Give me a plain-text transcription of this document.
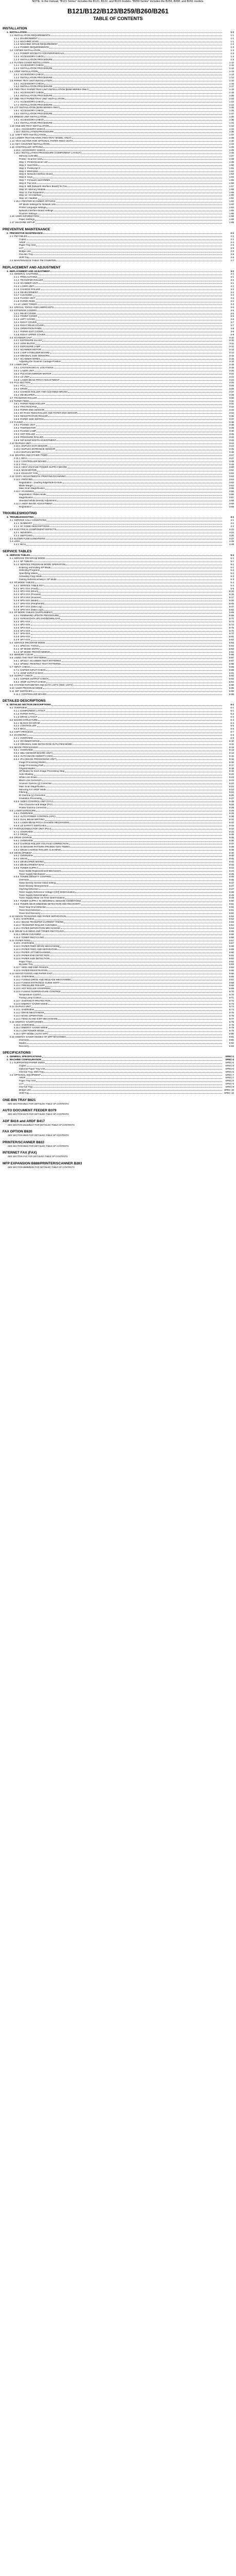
NOTE: In the manual, "B121 Series" includes the B121, B122, and B123 models. "B259 Series" includes the B259, B260, and B261 models.
B121/B122/B123/B259/B260/B261
TABLE OF CONTENTS
INSTALLATION
1. INSTALLATION	1-1
1.1 INSTALLATION REQUIREMENTS	1-1
1.1.1 ENVIRONMENT	1-1
1.1.2 MACHINE LEVEL	1-1
1.1.3 MACHINE SPACE REQUIREMENT	1-2
1.1.4 POWER REQUIREMENTS	1-3
1.2 COPIER INSTALLATION	1-4
1.2.1 POWER SOCKETS FOR PERIPHERALS	1-4
1.2.2 ACCESSORY CHECK	1-4
1.2.3 INSTALLATION PROCEDURE	1-5
1.3 PLATEN COVER INSTALLATION	1-12
1.3.1 ACCESSORY CHECK	1-12
1.3.2 INSTALLATION PROCEDURE	1-12
1.4 ARDF INSTALLATION	1-13
1.4.1 ACCESSORY CHECK	1-13
1.4.2 INSTALLATION PROCEDURE	1-14
1.5 PAPER TRAY UNIT INSTALLATION	1-16
1.5.1 ACCESSORY CHECK	1-16
1.5.2 INSTALLATION PROCEDURE	1-17
1.6 TWO-TRAY PAPER TRAY UNIT INSTALLATION (B259 SERIES ONLY)	1-19
1.6.1 ACCESSORY CHECK	1-19
1.6.2 INSTALLATION PROCEDURE	1-20
1.7 ONE-TRAY PAPER TRAY UNIT INSTALLATION	1-23
1.7.1 ACCESSORY CHECK	1-23
1.7.2 INSTALLATION PROCEDURE	1-24
1.8 LCT INSTALLATION (B259 SERIES ONLY)	1-26
1.8.1 ACCESSORY CHECK	1-26
1.8.2 INSTALLATION PROCEDURE	1-27
1.9 BRIDGE UNIT INSTALLATION	1-30
1.9.1 ACCESSORY CHECK	1-30
1.9.2 INSTALLATION PROCEDURE	1-31
1.10 ONE-BIN TRAY INSTALLATION	1-34
1.10.1 ACCESSORY CHECK	1-34
1.10.2 INSTALLATION PROCEDURE	1-35
1.11 SHIFT TRAY INSTALLATION	1-37
1.12 LOWER TRAY HEATER (TWO-TRAY MODEL ONLY)	1-38
1.13 TRAY HEATER FOR OPTIONAL PAPER FEED UNITS	1-40
1.14 KEY COUNTER INSTALLATION	1-43
1.15 CONTROLLER OPTIONS	1-45
1.15.1 ACCESSORY CHECK	1-45
1.15.2 INSTALLATION PROCEDURE (COMPONENT LAYOUT)	1-46
Memory (128 MB)	1-47
Printer / Scanner Unit	1-48
Step 1: Printer/scanner unit	1-49
Step 2: Hard Disk	1-50
Step 3: PostScript 3	1-51
Step 4: IEEE1284	1-52
Step 5: Network Interface Board	1-53
Step 6: Keys	1-54
Step 7: Firmware and DIMMS	1-55
Step 8: Fax Unit	1-56
Step 9: NIB (Network Interface Board) for Fax	1-57
Step 10: Memory Module	1-58
Step 11: Fax Expansion	1-59
Step 12: G3 Interface	1-60
Step 13: Handset	1-61
1.15.3 PRINTER SCANNER OPTIONS	1-62
HP Mode Settings for Network Use	1-63
Printer Language settings	1-64
Network Interface Board settings	1-65
Scanner Settings	1-66
1.16 USER INFORMATION	1-68
Paper Settings	1-68
1.17 MACHINE SETUP	1-69
PREVENTIVE MAINTENANCE
2. PREVENTIVE MAINTENANCE	2-1
2.1 PM TABLES	2-1
Copier	2-1
ARDF	2-4
Paper Tray Unit	2-5
LCT	2-5
Bridge Unit	2-5
One-Bin Tray	2-6
Shift Tray	2-6
2.2 MAINTENANCE TABLE PM COUNTER	2-7
REPLACEMENT AND ADJUSTMENT
3. REPLACEMENT AND ADJUSTMENT	3-1
3.1 GENERAL CAUTIONS	3-1
3.1.1 PRECAUTIONS	3-1
3.1.2 TRANSFER ROLLER	3-1
3.1.3 SCANNER UNIT	3-1
3.1.4 LASER UNIT	3-1
3.1.5 CHARGE ROLLER	3-2
3.1.6 DEVELOPMENT	3-2
3.1.7 CLEANING	3-2
3.1.8 FUSING UNIT	3-2
3.1.9 PAPER FEED	3-2
3.1.10 USED TONER	3-3
3.2 SPECIAL TOOLS AND LUBRICANTS	3-4
3.3 EXTERIOR COVERS	3-5
3.3.1 REAR COVER	3-5
3.3.2 FRONT COVER	3-5
3.3.3 LEFT COVER	3-6
3.3.4 RIGHT COVER	3-7
3.3.5 RIGHT REAR COVER	3-7
3.3.6 OPERATION PANEL	3-8
3.3.7 PAPER EXIT COVER	3-8
3.3.8 RIGHT UPPER COVER	3-9
3.4 SCANNER UNIT	3-10
3.4.1 EXPOSURE GLASS	3-10
3.4.2 LENS BLOCK	3-11
3.4.3 EXPOSURE LAMP	3-12
3.4.4 SCANNER MOTOR	3-13
3.4.5 LAMP STABILIZER BOARD	3-14
3.4.6 ORIGINAL SIZE SENSORS	3-15
3.4.7 SCANNER WIRES	3-16
Adjusting the Scanner Carriage Position	3-18
3.5 LASER UNIT	3-19
3.5.1 CAUTION DECAL LOCATIONS	3-19
3.5.2 LASER UNIT	3-20
3.5.3 POLYGON MIRROR MOTOR	3-21
3.5.4 LD UNIT	3-22
3.5.5 LASER BEAM PITCH ADJUSTMENT	3-23
3.6 PCU SECTION	3-25
3.6.1 PCU	3-25
3.6.2 DRUM	3-26
3.6.3 CHARGE ROLLER AND CLEANING BRUSH	3-27
3.6.4 DEVELOPER	3-28
3.7 TRANSFER ROLLER	3-30
3.8 PAPER FEED	3-31
3.8.1 PAPER FEED ROLLER	3-31
3.8.2 FRICTION PAD	3-32
3.8.3 PAPER END SENSOR	3-33
3.8.4 BY-PASS FEED ROLLER AND PAPER END SENSOR	3-34
3.8.5 REGISTRATION ROLLER	3-36
3.8.6 PAPER SIZE SWITCH	3-37
3.9 FUSING	3-38
3.9.1 FUSING UNIT	3-38
3.9.2 THERMISTOR	3-39
3.9.3 FUSING LAMP	3-40
3.9.4 HOT ROLLER	3-41
3.9.5 PRESSURE ROLLER	3-42
3.9.6 NIP BAND WIDTH ADJUSTMENT	3-43
3.10 DUPLEX UNIT	3-44
3.10.1 DUPLEX EXIT SENSOR	3-44
3.10.2 DUPLEX ENTRANCE SENSOR	3-45
3.10.3 DUPLEX MOTOR	3-46
3.11 BOARDS AND OTHER ITEMS	3-47
3.11.1 BICU	3-47
3.11.2 CONTROLLER BOARD	3-48
3.11.3 PSU	3-49
3.11.4 HIGH VOLTAGE POWER SUPPLY BOARD	3-50
3.11.5 MAIN MOTOR	3-51
3.11.6 EXHAUST FAN	3-52
3.12 COPY ADJUSTMENTS: PRINTING/SCANNING	3-53
3.12.1 PRINTING	3-53
Registration - Leading Edge/Side-to-Side	3-53
Blank Margin	3-54
Main Scan Magnification	3-55
3.12.2 SCANNING	3-56
Registration: Platen Mode	3-56
Magnification	3-57
Standard White Density Adjustment	3-58
3.12.3 ARDF IMAGE ADJUSTMENT	3-59
Registration	3-59
TROUBLESHOOTING
4. TROUBLESHOOTING	4-1
4.1 SERVICE CALL CONDITIONS	4-1
4.1.1 SUMMARY	4-1
4.1.2 SC CODE DESCRIPTIONS	4-2
4.2 ELECTRICAL COMPONENT DEFECTS	4-24
4.2.1 SENSORS	4-24
4.2.2 SWITCHES	4-26
4.3 BLOWN FUSE CONDITIONS	4-27
4.4 LEDs	4-28
4.4.1 BICU	4-28
SERVICE TABLES
5. SERVICE TABLES	5-1
5.1 SERVICE PROGRAM MODE	5-1
5.1.1 SP TABLES	5-1
5.1.2 SERVICE PROGRAM MODE OPERATION	5-1
Entering and Exiting SP Mode	5-1
Selecting Programs	5-2
Specifying Values	5-2
Activating Copy Mode	5-3
Getting Reference/Help in SP Mode	5-3
5.2 SP MODE TABLES	5-4
5.2.1 SERVICE TABLE KEY	5-4
5.2.2 SP1-XXX (Feed)	5-5
5.2.3 SP2-XXX (Drum)	5-10
5.2.4 SP3-XXX (Process)	5-15
5.2.5 SP4-XXX (Scanner)	5-17
5.2.6 SP5-XXX (Mode)	5-25
5.2.7 SP6-XXX (Peripherals)	5-45
5.2.8 SP7-XXX (Data Log)	5-47
5.2.9 SP8-XXX (Data Log2)	5-52
5.3 SP MODE TABLES (SUPPLEMENT)	5-68
5.3.1 FIRMWARE UPDATE PROCEDURE	5-68
5.3.2 NVRAM DATA UPLOAD/DOWNLOAD	5-71
5.3.3 SP1-XXX	5-73
5.3.4 SP2-XXX	5-74
5.3.5 SP3-XXX	5-75
5.3.6 SP4-XXX	5-76
5.3.7 SP5-XXX	5-77
5.3.8 SP6-XXX	5-81
5.3.9 SP7-XXX	5-82
5.4 SERVICE PROGRAM MODE	5-83
5.4.1 SPECIAL TOOLS	5-83
5.4.2 SP MODE ENTRY	5-83
5.4.3 SP MODE PROGRAMMING	5-84
5.5 MEMORY CLEAR	5-86
5.6 USING THE TEST PATTERNS	5-87
5.6.1 SP4417: SCANNER TEST PATTERNS	5-87
5.6.2 SP5902: PRINTING TEST PATTERNS	5-88
5.7 INPUT CHECK	5-89
5.7.1 COPIER INPUT CHECK	5-89
5.7.2 ARDF INPUT CHECK	5-91
5.8 OUTPUT CHECK	5-92
5.8.1 COPIER OUTPUT CHECK	5-92
5.8.2 ARDF OUTPUT CHECK	5-94
5.9 SYSTEM PARAMETER AND DATA LISTS (SMC LISTS)	5-95
5.10 USER PROGRAM MODE	5-96
5.11 DIP SWITCHES	5-98
5.11.1 CONTROLLER BOARD	5-98
DETAILED DESCRIPTIONS
6. DETAILED SECTION DESCRIPTIONS	6-1
6.1 OVERVIEW	6-1
6.1.1 COMPONENT LAYOUT	6-1
6.1.2 PAPER PATH	6-2
6.1.3 DRIVE LAYOUT	6-3
6.2 BOARD STRUCTURE	6-4
6.2.1 BLOCK DIAGRAM	6-4
6.2.2 CONTROLLER	6-5
6.2.3 BICU	6-6
6.3 COPY PROCESS	6-7
6.4 SCANNING	6-9
6.4.1 OVERVIEW	6-9
6.4.2 SCANNER DRIVE	6-10
6.4.3 ORIGINAL SIZE DETECTION IN PLATEN MODE	6-11
6.5 IMAGE PROCESSING	6-13
6.5.1 OVERVIEW	6-13
6.5.2 SBU (SENSOR BOARD UNIT)	6-14
6.5.3 AUTO IMAGE DENSITY (ADS)	6-15
6.5.4 IPU (IMAGE PROCESSING UNIT)	6-16
Image Processing Modes	6-16
Image Processing Path	6-17
Original Modes	6-18
SP Modes for Each Image Processing Step	6-19
Auto Shading	6-22
White Line Erase	6-23
Black Line Correction	6-23
Scanner Gamma (y) Correction	6-23
Main Scan Magnification	6-23
Mirroring For ARDF Mode	6-24
Filtering	6-24
ID Gamma (y) Correction	6-26
Gradation Processing	6-27
6.5.5 VIDEO CONTROL UNIT (VCU)	6-28
Fine Character and Image (FCI)	6-28
Printer Gamma Correction	6-28
6.6 LASER EXPOSURE	6-29
6.6.1 OVERVIEW	6-29
6.6.2 AUTO POWER CONTROL (APC)	6-30
6.6.3 DUAL BEAM WRITING	6-31
6.6.4 LASER BEAM PITCH CHANGE MECHANISM	6-32
6.6.5 LD SAFETY SWITCHES	6-33
6.7 PHOTOCONDUCTOR UNIT (PCU)	6-34
6.7.1 OVERVIEW	6-34
6.7.2 DRIVE	6-35
6.8 DRUM CHARGE	6-36
6.8.1 OVERVIEW	6-36
6.8.2 CHARGE ROLLER VOLTAGE CORRECTION	6-37
6.8.3 ID SENSOR PATTERN PRODUCTION TIMING	6-38
6.8.4 DRUM CHARGE ROLLER CLEANING	6-39
6.9 DEVELOPMENT	6-40
6.9.1 OVERVIEW	6-40
6.9.2 DRIVE	6-41
6.9.3 DEVELOPER MIXING	6-42
6.9.4 DEVELOPMENT BIAS	6-43
6.9.5 TONER SUPPLY	6-44
Toner Bottle Replenishment Mechanism	6-44
Toner Supply Mechanism	6-45
6.9.6 TONER DENSITY CONTROL	6-46
Overview	6-46
Toner Density Sensor Initial Setting	6-47
Toner Density Measurement	6-47
Vsp/Vsg Detection	6-47
Toner Supply Reference Voltage (Vref) Determination	6-48
Toner Supply Determination	6-48
Toner Supply Motor On Time Determination	6-49
6.9.7 TONER SUPPLY IN ABNORMAL SENSOR CONDITIONS	6-50
6.9.8 TONER NEAR END/END DETECTION AND RECOVERY	6-51
Toner Near End Detection	6-51
Toner End Detection	6-51
Toner End Recovery	6-51
6.10 IMAGE TRANSFER AND PAPER SEPARATION	6-52
6.10.1 OVERVIEW	6-52
6.10.2 IMAGE TRANSFER CURRENT TIMING	6-53
6.10.3 TRANSFER ROLLER CLEANING	6-54
6.10.4 PAPER SEPARATION MECHANISM	6-54
6.11 DRUM CLEANING AND TONER RECYCLING	6-55
6.11.1 DRUM CLEANING	6-55
6.11.2 TONER RECYCLING	6-56
6.12 PAPER FEED	6-57
6.12.1 OVERVIEW	6-57
6.12.2 PAPER FEED DRIVE MECHANISM	6-58
6.12.3 PAPER FEED AND SEPARATION	6-59
6.12.4 PAPER LIFT MECHANISM	6-60
6.12.5 PAPER END DETECTION	6-61
6.12.6 PAPER SIZE DETECTION	6-62
Paper Trays	6-62
By-pass Tray	6-63
6.12.7 SIDE AND END FENCES	6-64
6.12.8 PAPER REGISTRATION	6-65
6.13 IMAGE FUSING AND PAPER EXIT	6-66
6.13.1 OVERVIEW	6-66
6.13.2 FUSING DRIVE AND RELEASE MECHANISM	6-67
6.13.3 FUSING ENTRANCE GUIDE SHIFT	6-68
6.13.4 PRESSURE ROLLER	6-68
6.13.5 HOT ROLLER STRIPPERS	6-69
6.13.6 FUSING TEMPERATURE CONTROL	6-70
Temperature Control	6-70
Fusing Lamp Control	6-71
6.13.7 OVERHEAT PROTECTION	6-72
6.13.8 ENERGY SAVER MODE	6-73
6.14 DUPLEX UNIT	6-74
6.14.1 OVERVIEW	6-74
6.14.2 DRIVE MECHANISM	6-75
6.14.3 BASIC OPERATION	6-76
6.14.4 FEED IN AND EXIT MECHANISM	6-77
6.15 ENERGY SAVER MODES	6-78
6.15.1 OVERVIEW	6-78
6.15.2 ENERGY SAVER MODE	6-79
6.15.3 LOW POWER MODE	6-79
6.15.4 OFF MODE (AUTO OFF)	6-80
6.16 ENERGY SAVER MODES OF MFP MACHINES	6-81
Overview	6-81
Modes	6-82
Recovery	6-83
SPECIFICATIONS
1. GENERAL SPECIFICATIONS	SPEC-1
2. MACHINE CONFIGURATION	SPEC-4
2.1 SUPPORTED PAPER SIZES	SPEC-5
Copier	SPEC-5
Optional Paper Tray Unit	SPEC-6
One-bin Tray, Shift Tray	SPEC-6
2.2 OPTIONAL EQUIPMENT	SPEC-7
ARDF	SPEC-7
Paper Tray Unit	SPEC-8
LCT	SPEC-9
One-bin Tray	SPEC-9
Bridge Unit	SPEC-10
Shift Tray	SPEC-10
ONE-BIN TRAY B621
SEE SECTION B621 FOR DETAILED TABLE OF CONTENTS
AUTO DOCUMENT FEEDER B379
SEE SECTION B379 FOR DETAILED TABLE OF CONTENTS
ADF B416 and ARDF B417
SEE SECTION B416/B417 FOR DETAILED TABLE OF CONTENTS
FAX OPTION B820
SEE SECTION B820 FOR DETAILED TABLE OF CONTENTS
PRINTER/SCANNER B822
SEE SECTION B822 FOR DETAILED TABLE OF CONTENTS
INTERNET FAX (FAX)
SEE SECTION FAX FOR DETAILED TABLE OF CONTENTS
MFP EXPANSION B888/PRINTER/SCANNER B283
SEE SECTION B888/B283 FOR DETAILED TABLE OF CONTENTS
